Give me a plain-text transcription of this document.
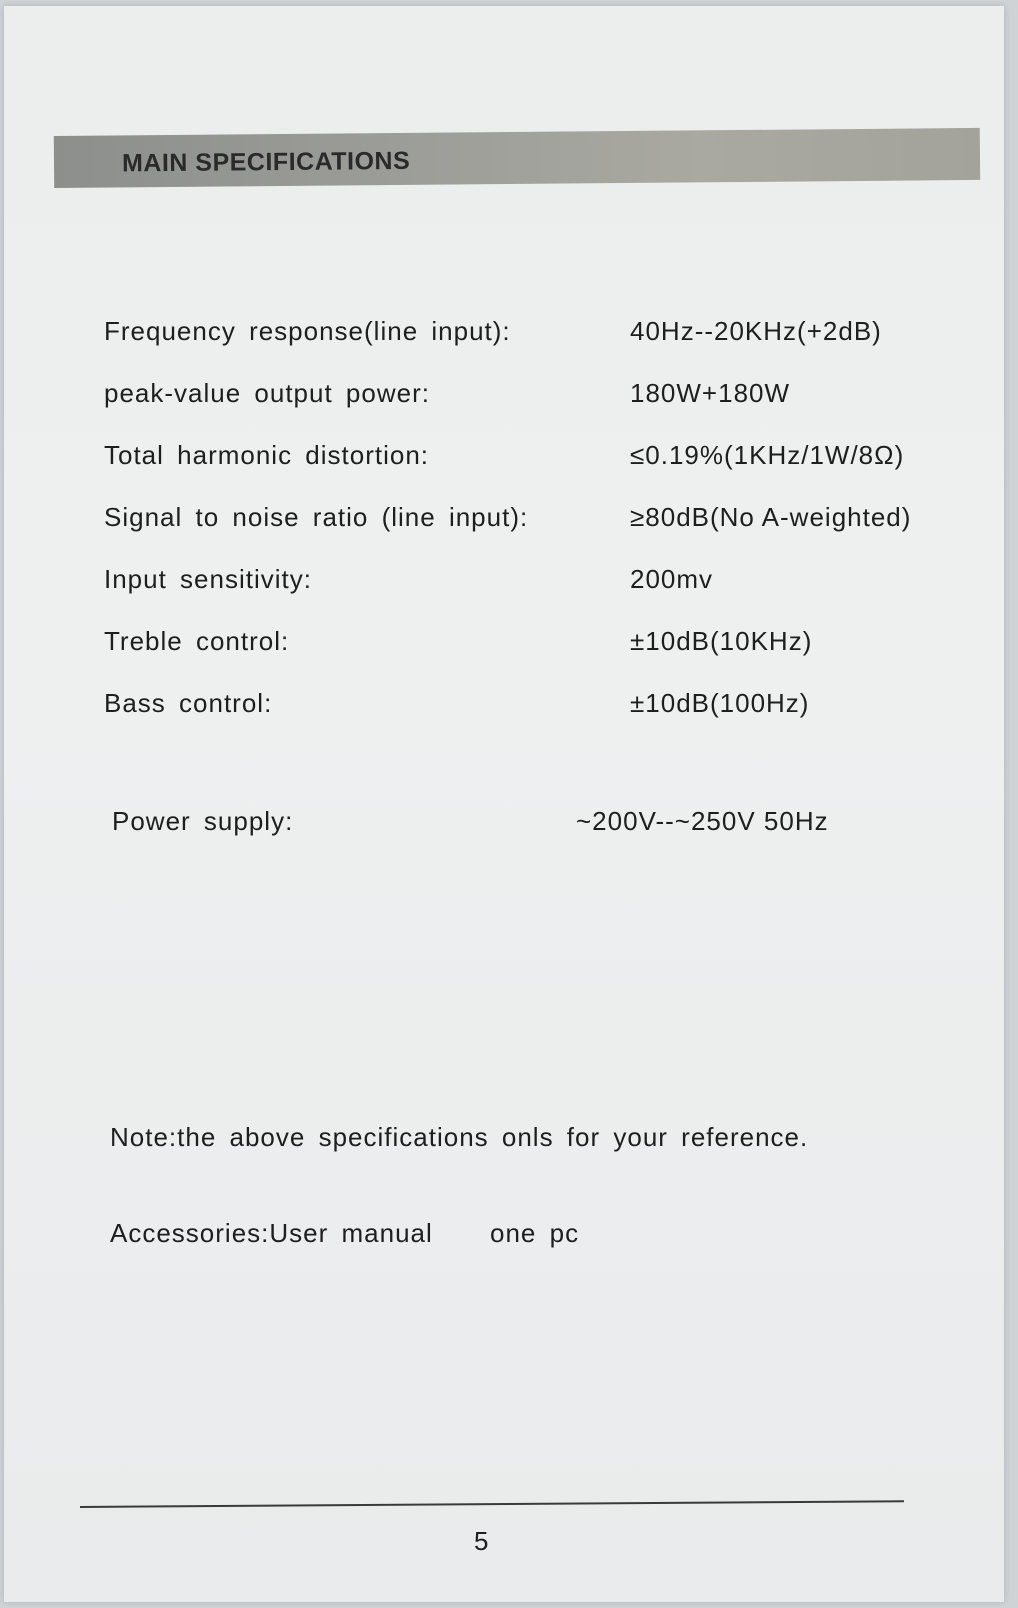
MAIN SPECIFICATIONS
Frequency response(line input):	40Hz--20KHz(+2dB)
peak-value output power:	180W+180W
Total harmonic distortion:	≤0.19%(1KHz/1W/8Ω)
Signal to noise ratio (line input):	≥80dB(No A-weighted)
Input sensitivity:	200mv
Treble control:	±10dB(10KHz)
Bass control:	±10dB(100Hz)
Power supply:	~200V--~250V 50Hz
Note:the above specifications onls for your reference.
Accessories:User manual one pc
5
